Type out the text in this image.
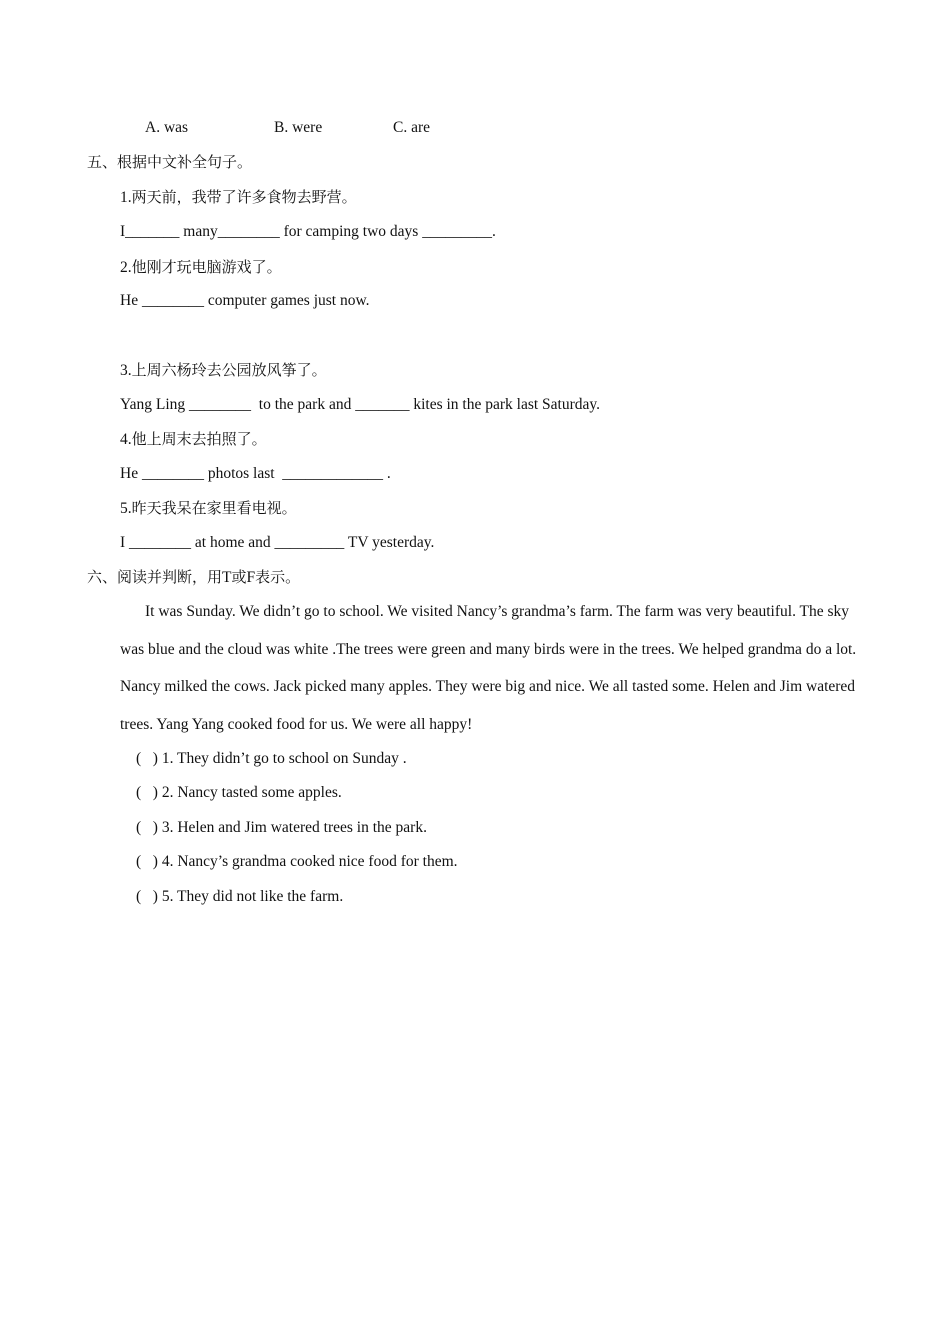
A. was	B. were	C. are
五、根据中文补全句子。
1.两天前，我带了许多食物去野营。
I_______ many________ for camping two days _________.
2.他刚才玩电脑游戏了。
He ________ computer games just now.
3.上周六杨玲去公园放风筝了。
Yang Ling ________  to the park and _______ kites in the park last Saturday.
4.他上周末去拍照了。
He ________ photos last  _____________ .
5.昨天我呆在家里看电视。
I ________ at home and _________ TV yesterday.
六、阅读并判断，用T或F表示。
It was Sunday. We didn’t go to school. We visited Nancy’s grandma’s farm. The farm was very beautiful. The sky was blue and the cloud was white .The trees were green and many birds were in the trees. We helped grandma do a lot. Nancy milked the cows. Jack picked many apples. They were big and nice. We all tasted some. Helen and Jim watered trees. Yang Yang cooked food for us. We were all happy!
(   ) 1. They didn’t go to school on Sunday .
(   ) 2. Nancy tasted some apples.
(   ) 3. Helen and Jim watered trees in the park.
(   ) 4. Nancy’s grandma cooked nice food for them.
(   ) 5. They did not like the farm.
